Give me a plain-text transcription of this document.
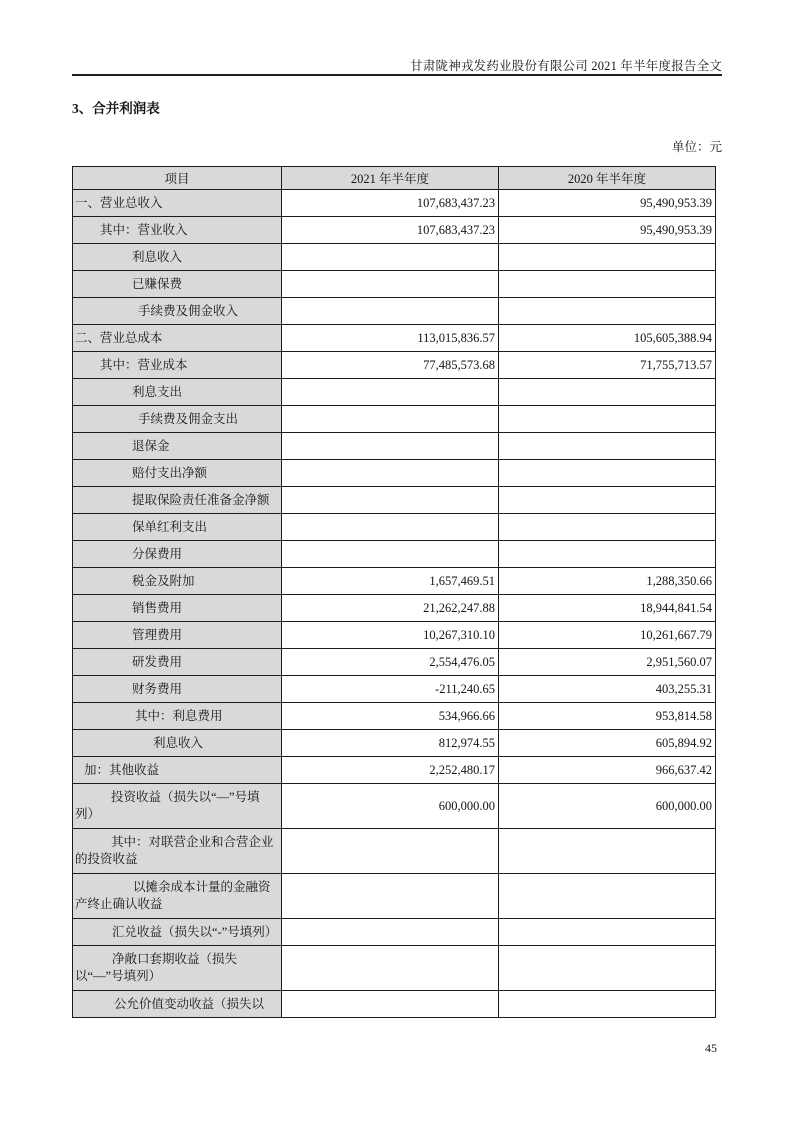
甘肃陇神戎发药业股份有限公司 2021 年半年度报告全文
3、合并利润表
单位：元
项目	2021 年半年度	2020 年半年度
一、营业总收入	107,683,437.23	95,490,953.39
其中：营业收入	107,683,437.23	95,490,953.39
利息收入		
已赚保费		
手续费及佣金收入		
二、营业总成本	113,015,836.57	105,605,388.94
其中：营业成本	77,485,573.68	71,755,713.57
利息支出		
手续费及佣金支出		
退保金		
赔付支出净额		
提取保险责任准备金净额		
保单红利支出		
分保费用		
税金及附加	1,657,469.51	1,288,350.66
销售费用	21,262,247.88	18,944,841.54
管理费用	10,267,310.10	10,261,667.79
研发费用	2,554,476.05	2,951,560.07
财务费用	-211,240.65	403,255.31
其中：利息费用	534,966.66	953,814.58
利息收入	812,974.55	605,894.92
加：其他收益	2,252,480.17	966,637.42
投资收益（损失以“—”号填列）	600,000.00	600,000.00
其中：对联营企业和合营企业的投资收益		
以摊余成本计量的金融资产终止确认收益		
汇兑收益（损失以“-”号填列）		
净敞口套期收益（损失以“—”号填列）		
公允价值变动收益（损失以		
45
